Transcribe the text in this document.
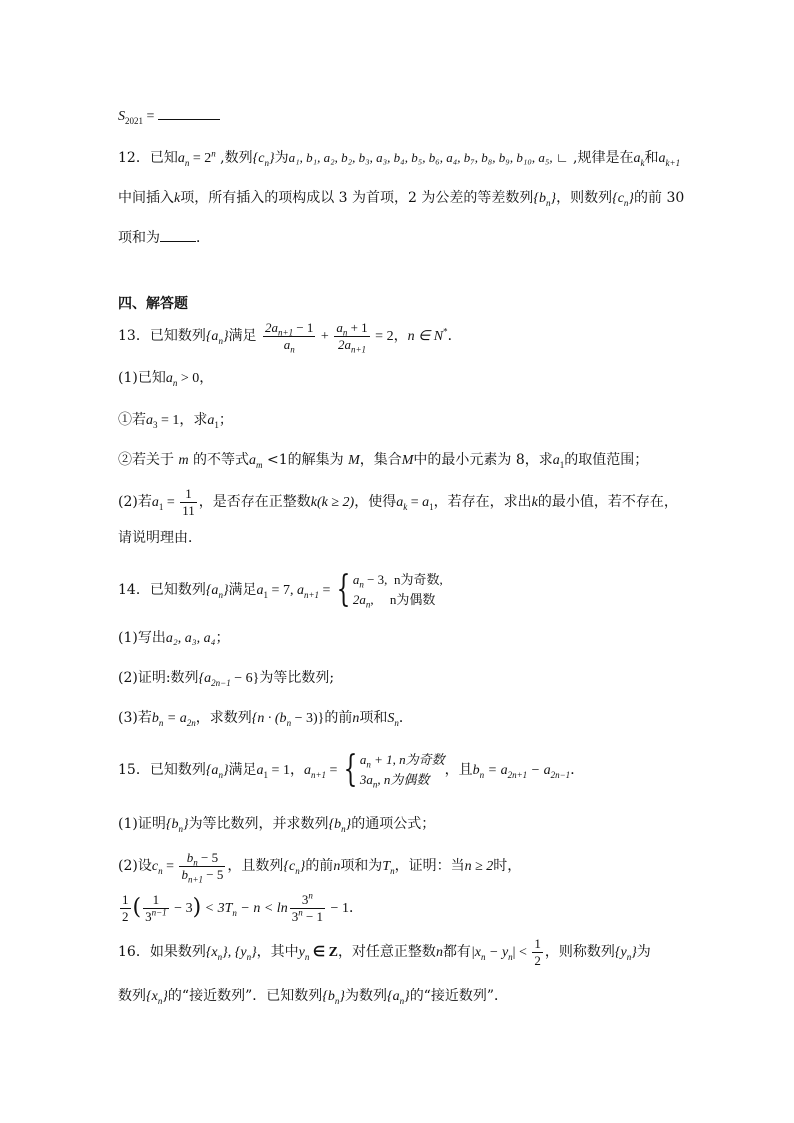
$S_{2021}$ =
12．已知$a_n = 2^n$ ,数列$\{c_n\}$为a₁, b₁, a₂, b₂, b₃, a₃, b₄, b₅, b₆, a₄, b₇, b₈, b₉, b₁₀, a₅, ∟ ,规律是在$a_k$和$a_{k+1}$
中间插入k项，所有插入的项构成以 3 为首项，2 为公差的等差数列$\{b_n\}$，则数列$\{c_n\}$的前 30
项和为	．
四、解答题
13．已知数列$\{a_n\}$满足 $\frac{2a_{n+1} - 1}{a_n} + \frac{a_n + 1}{2a_{n+1}} = 2$，n ∈ N*．
(1)已知$a_n > 0$，
①若$a_3 = 1$，求$a_1$；
②若关于 m 的不等式$a_m <1$的解集为 M，集合M中的最小元素为 8，求$a_1$的取值范围；
(2)若$a_1 = \frac{1}{11}$ ，是否存在正整数k(k ≥ 2)，使得$a_k = a_1$，若存在，求出k的最小值，若不存在，
请说明理由．
14．已知数列$\{a_n\}$满足$a_1 = 7$, $a_{n+1}$ = { $a_n - 3$, n为奇数,
$2a_n$, n为偶数
(1)写出a₂, a₃, a₄；
(2)证明:数列$\{a_{2n-1} - 6\}$为等比数列;
(3)若$b_n = a_{2n}$，求数列$\{n \cdot (b_n - 3)\}$的前n项和$S_n$．
15．已知数列$\{a_n\}$满足$a_1 = 1$，$a_{n+1}$ = { $a_n + 1$, n为奇数
$3a_n$, n为偶数
，且$b_n = a_{2n+1} - a_{2n-1}$．
(1)证明$\{b_n\}$为等比数列，并求数列$\{b_n\}$的通项公式；
(2)设$c_n = \frac{b_n - 5}{b_{n+1} - 5}$ ，且数列$\{c_n\}$的前n项和为$T_n$，证明：当n ≥ 2时，
$\frac{1}{2}$ ( $\frac{1}{3^{n-1}} - 3) < 3T_n - n < \ln \frac{3^n}{3^n - 1} - 1$．
16．如果数列$\{x_n\}$, $\{y_n\}$，其中$y_n$ ∈ Z，对任意正整数n都有$|x_n - y_n| < \frac{1}{2}$ ，则称数列$\{y_n\}$为
数列$\{x_n\}$的“接近数列”．已知数列$\{b_n\}$为数列$\{a_n\}$的“接近数列”．
